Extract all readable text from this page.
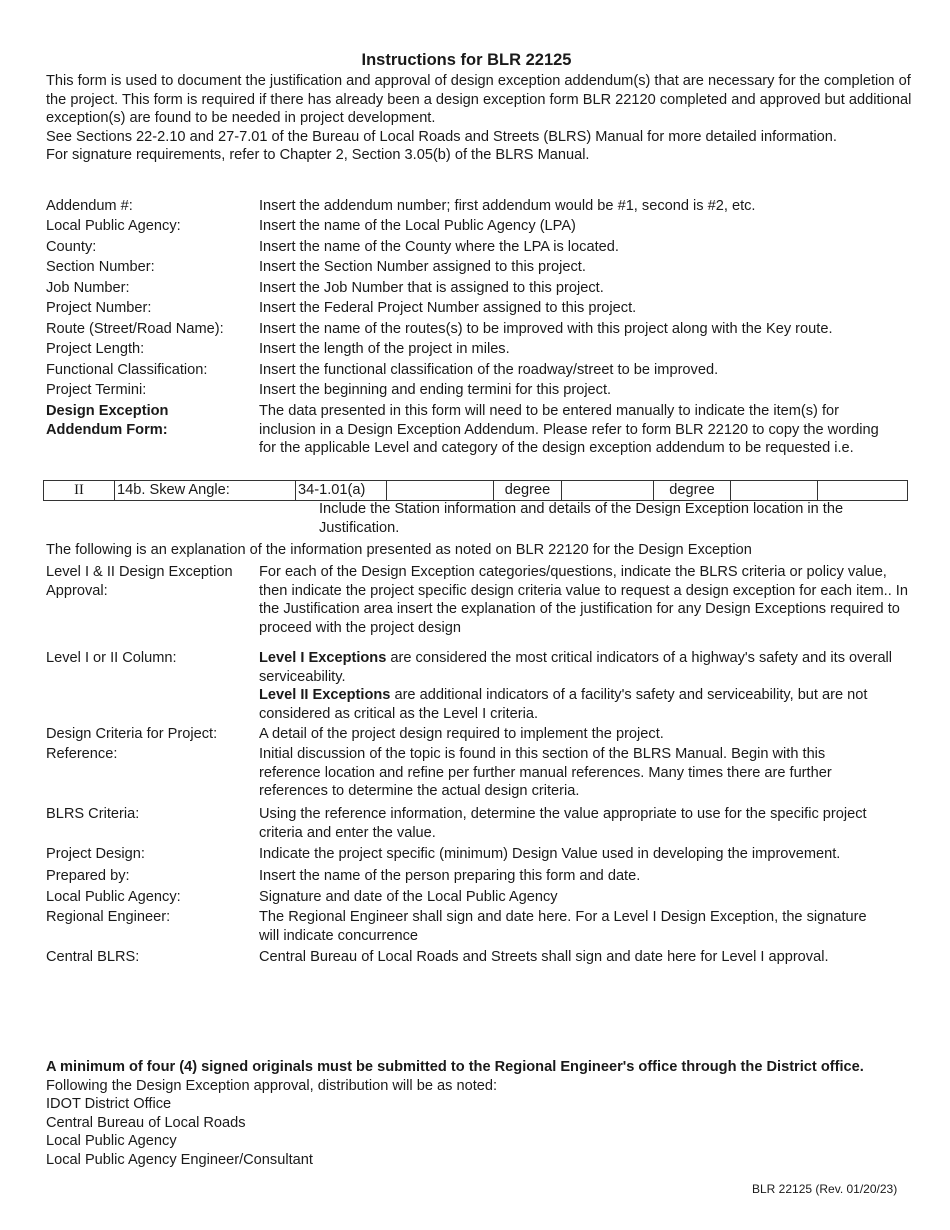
Instructions for BLR 22125
This form is used to document the justification and approval of design exception addendum(s) that are necessary for the completion of the project. This form is required if there has already been a design exception form BLR 22120 completed and approved but additional exception(s) are found to be needed in project development.
See Sections 22-2.10 and 27-7.01 of the Bureau of Local Roads and Streets (BLRS) Manual for more detailed information.
For signature requirements, refer to Chapter 2, Section 3.05(b) of the BLRS Manual.
Addendum #:	Insert the addendum number; first addendum would be #1, second is #2, etc.
Local Public Agency:	Insert the name of the Local Public Agency (LPA)
County:	Insert the name of the County where the LPA is located.
Section Number:	Insert the Section Number assigned to this project.
Job Number:	Insert the Job Number that is assigned to this project.
Project Number:	Insert the Federal Project Number assigned to this project.
Route (Street/Road Name):	Insert the name of the routes(s) to be improved with this project along with the Key route.
Project Length:	Insert the length of the project in miles.
Functional Classification:	Insert the functional classification of the roadway/street to be improved.
Project Termini:	Insert the beginning and ending termini for this project.
Design Exception Addendum Form:
The data presented in this form will need to be entered manually to indicate the item(s) for inclusion in a Design Exception Addendum. Please refer to form BLR 22120 to copy the wording for the applicable Level and category of the design exception addendum to be requested i.e.
II	14b. Skew Angle:	34-1.01(a)		degree		degree		
Include the Station information and details of the Design Exception location in the Justification.
The following is an explanation of the information presented as noted on BLR 22120 for the Design Exception
Level I & II Design Exception Approval:
For each of the Design Exception categories/questions, indicate the BLRS criteria or policy value, then indicate the project specific design criteria value to request a design exception for each item.. In the Justification area insert the explanation of the justification for any Design Exceptions required to proceed with the project design
Level I or II Column:	Level I Exceptions are considered the most critical indicators of a highway's safety and its overall serviceability.
Level II Exceptions are additional indicators of a facility's safety and serviceability, but are not considered as critical as the Level I criteria.
Design Criteria for Project:	A detail of the project design required to implement the project.
Reference:	Initial discussion of the topic is found in this section of the BLRS Manual. Begin with this reference location and refine per further manual references. Many times there are further references to determine the actual design criteria.
BLRS Criteria:	Using the reference information, determine the value appropriate to use for the specific project criteria and enter the value.
Project Design:	Indicate the project specific (minimum) Design Value used in developing the improvement.
Prepared by:	Insert the name of the person preparing this form and date.
Local Public Agency:	Signature and date of the Local Public Agency
Regional Engineer:	The Regional Engineer shall sign and date here. For a Level I Design Exception, the signature will indicate concurrence
Central BLRS:	Central Bureau of Local Roads and Streets shall sign and date here for Level I approval.
A minimum of four (4) signed originals must be submitted to the Regional Engineer's office through the District office.
Following the Design Exception approval, distribution will be as noted:
IDOT District Office
Central Bureau of Local Roads
Local Public Agency
Local Public Agency Engineer/Consultant
BLR 22125 (Rev. 01/20/23)
